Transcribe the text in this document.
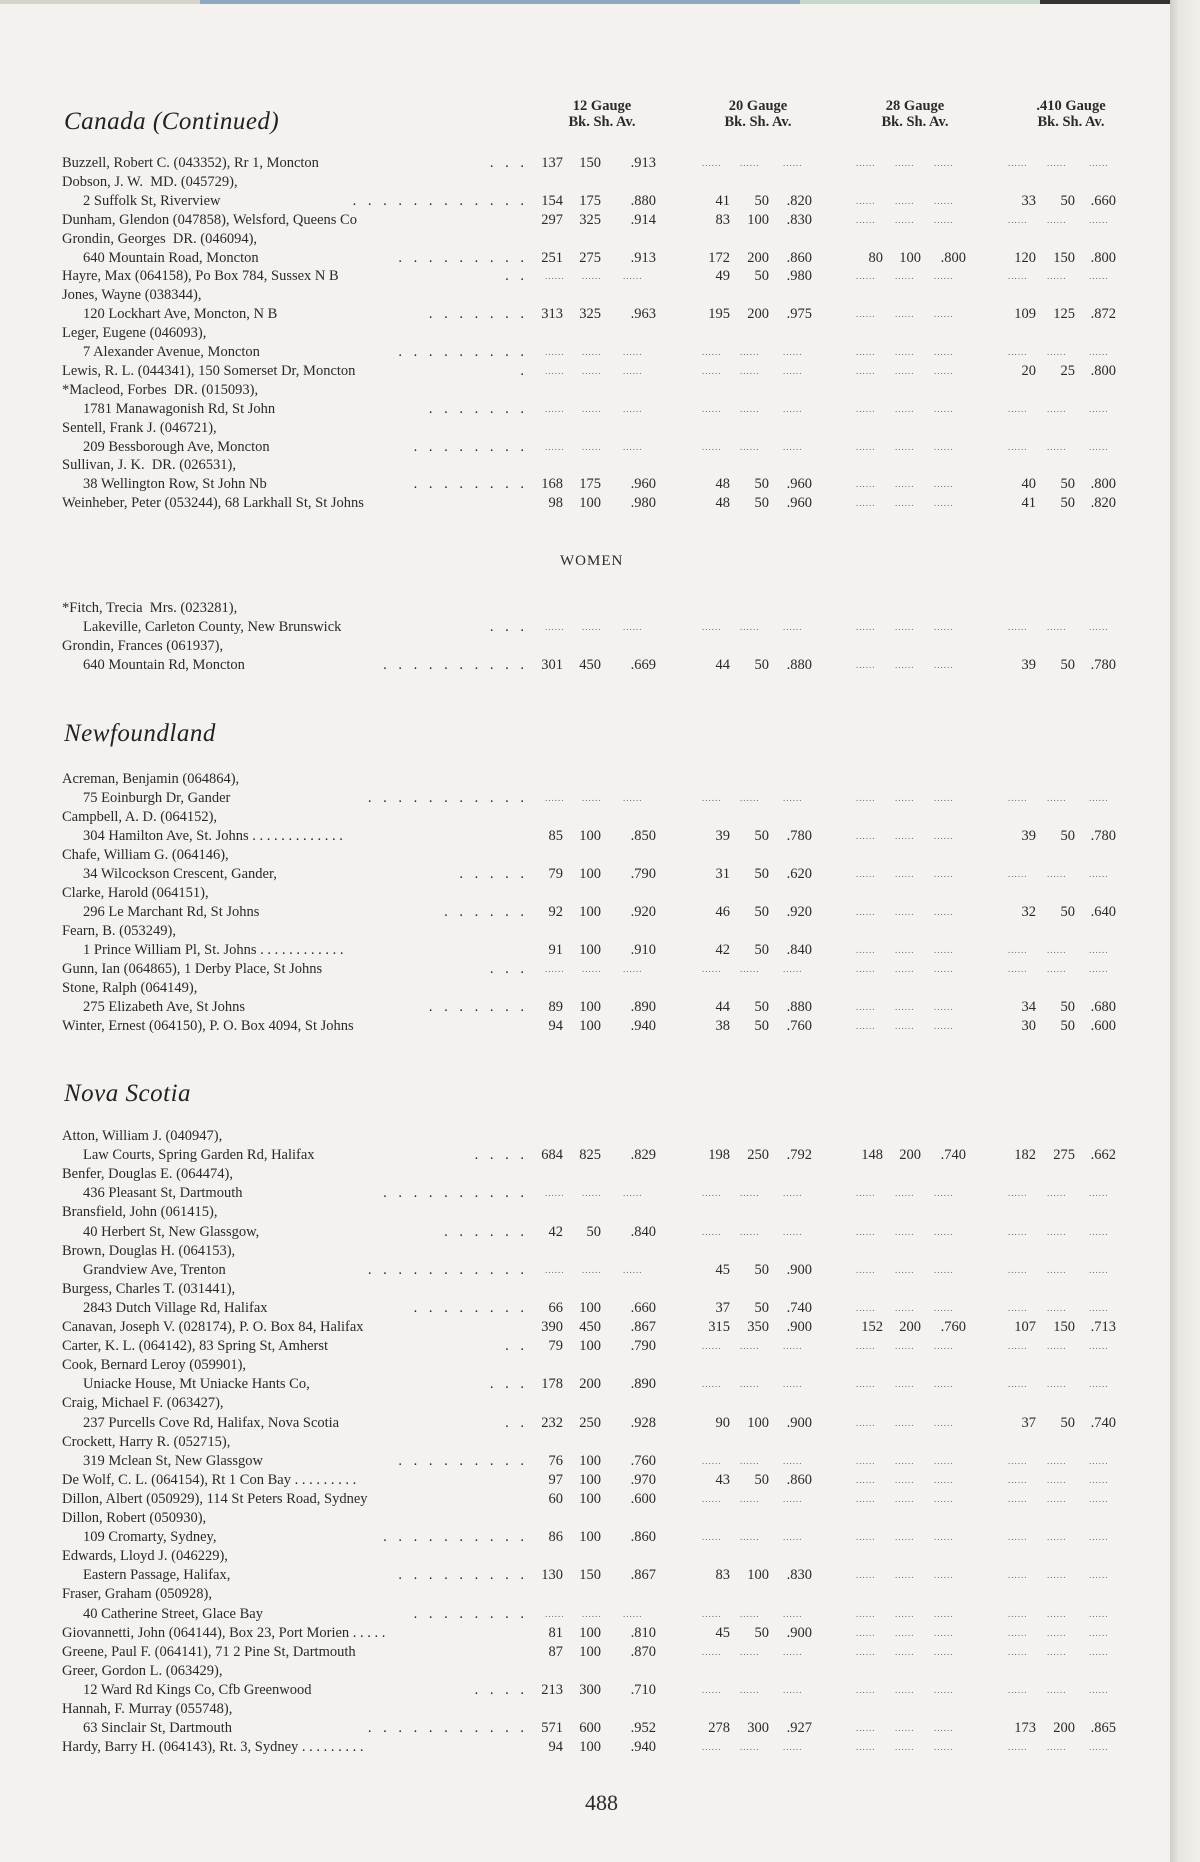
Canada (Continued)
Newfoundland
Nova Scotia
12 Gauge
Bk. Sh. Av.
20 Gauge
Bk. Sh. Av.
28 Gauge
Bk. Sh. Av.
.410 Gauge
Bk. Sh. Av.
WOMEN
Buzzell, Robert C. (043352), Rr 1, Moncton	. . . 137	150	.913	...... ......	......	...... ...... ......	...... ......	......
Dobson, J. W.  MD. (045729),
2 Suffolk St, Riverview	. . . . . . . . . . . . 154	175	.880	41	50	.820	...... ...... ......	33	50	.660
Dunham, Glendon (047858), Welsford, Queens Co	297	325	.914	83	100	.830	...... ...... ......	...... ......	......
Grondin, Georges  DR. (046094),
640 Mountain Road, Moncton	. . . . . . . . . 251	275	.913	172	200	.860	80	100	.800	120	150	.800
Hayre, Max (064158), Po Box 784, Sussex N B	. . ...... ...... ......	49	50	.980	...... ...... ......	...... ......	......
Jones, Wayne (038344),
120 Lockhart Ave, Moncton, N B	. . . . . . . 313	325	.963	195	200	.975	...... ...... ......	109	125	.872
Leger, Eugene (046093),
7 Alexander Avenue, Moncton	. . . . . . . . . ...... ...... ......	...... ......	......	...... ...... ......	...... ......	......
Lewis, R. L. (044341), 150 Somerset Dr, Moncton	. ...... ...... ......	...... ......	......	...... ...... ......	20	25	.800
*Macleod, Forbes  DR. (015093),
1781 Manawagonish Rd, St John	. . . . . . . ...... ...... ......	...... ......	......	...... ...... ......	...... ......	......
Sentell, Frank J. (046721),
209 Bessborough Ave, Moncton	. . . . . . . . ...... ...... ......	...... ......	......	...... ...... ......	...... ......	......
Sullivan, J. K.  DR. (026531),
38 Wellington Row, St John Nb	. . . . . . . . 168	175	.960	48	50	.960	...... ...... ......	40	50	.800
Weinheber, Peter (053244), 68 Larkhall St, St Johns	98	100	.980	48	50	.960	...... ...... ......	41	50	.820
*Fitch, Trecia  Mrs. (023281),
Lakeville, Carleton County, New Brunswick	. . . ...... ...... ......	...... ......	......	...... ...... ......	...... ......	......
Grondin, Frances (061937),
640 Mountain Rd, Moncton	. . . . . . . . . . 301	450	.669	44	50	.880	...... ...... ......	39	50	.780
Acreman, Benjamin (064864),
75 Eoinburgh Dr, Gander	. . . . . . . . . . . ...... ...... ......	...... ......	......	...... ...... ......	...... ......	......
Campbell, A. D. (064152),
304 Hamilton Ave, St. Johns . . . . . . . . . . . . .	85	100	.850	39	50	.780	...... ...... ......	39	50	.780
Chafe, William G. (064146),
34 Wilcockson Crescent, Gander,	. . . . .	79	100	.790	31	50	.620	...... ...... ......	...... ......	......
Clarke, Harold (064151),
296 Le Marchant Rd, St Johns	. . . . . .	92	100	.920	46	50	.920	...... ...... ......	32	50	.640
Fearn, B. (053249),
1 Prince William Pl, St. Johns . . . . . . . . . . . .	91	100	.910	42	50	.840	...... ...... ......	...... ......	......
Gunn, Ian (064865), 1 Derby Place, St Johns	. . . ...... ...... ......	...... ......	......	...... ...... ......	...... ......	......
Stone, Ralph (064149),
275 Elizabeth Ave, St Johns	. . . . . . .	89	100	.890	44	50	.880	...... ...... ......	34	50	.680
Winter, Ernest (064150), P. O. Box 4094, St Johns	94	100	.940	38	50	.760	...... ...... ......	30	50	.600
Atton, William J. (040947),
Law Courts, Spring Garden Rd, Halifax	. . . . 684	825	.829	198	250	.792	148	200	.740	182	275	.662
Benfer, Douglas E. (064474),
436 Pleasant St, Dartmouth	. . . . . . . . . . ...... ...... ......	...... ......	......	...... ...... ......	...... ......	......
Bransfield, John (061415),
40 Herbert St, New Glassgow,	. . . . . .	42	50	.840	...... ......	......	...... ...... ......	...... ......	......
Brown, Douglas H. (064153),
Grandview Ave, Trenton	. . . . . . . . . . . ...... ...... ......	45	50	.900	...... ...... ......	...... ......	......
Burgess, Charles T. (031441),
2843 Dutch Village Rd, Halifax	. . . . . . . .	66	100	.660	37	50	.740	...... ...... ......	...... ......	......
Canavan, Joseph V. (028174), P. O. Box 84, Halifax	390	450	.867	315	350	.900	152	200	.760	107	150	.713
Carter, K. L. (064142), 83 Spring St, Amherst	. .	79	100	.790	...... ......	......	...... ...... ......	...... ......	......
Cook, Bernard Leroy (059901),
Uniacke House, Mt Uniacke Hants Co,	. . . 178	200	.890	...... ......	......	...... ...... ......	...... ......	......
Craig, Michael F. (063427),
237 Purcells Cove Rd, Halifax, Nova Scotia	. . 232	250	.928	90	100	.900	...... ...... ......	37	50	.740
Crockett, Harry R. (052715),
319 Mclean St, New Glassgow	. . . . . . . . .	76	100	.760	...... ......	......	...... ...... ......	...... ......	......
De Wolf, C. L. (064154), Rt 1 Con Bay . . . . . . . . .	97	100	.970	43	50	.860	...... ...... ......	...... ......	......
Dillon, Albert (050929), 114 St Peters Road, Sydney	60	100	.600	...... ......	......	...... ...... ......	...... ......	......
Dillon, Robert (050930),
109 Cromarty, Sydney,	. . . . . . . . . .	86	100	.860	...... ......	......	...... ...... ......	...... ......	......
Edwards, Lloyd J. (046229),
Eastern Passage, Halifax,	. . . . . . . . . 130	150	.867	83	100	.830	...... ...... ......	...... ......	......
Fraser, Graham (050928),
40 Catherine Street, Glace Bay	. . . . . . . . ...... ...... ......	...... ......	......	...... ...... ......	...... ......	......
Giovannetti, John (064144), Box 23, Port Morien . . . . .	81	100	.810	45	50	.900	...... ...... ......	...... ......	......
Greene, Paul F. (064141), 71 2 Pine St, Dartmouth	87	100	.870	...... ......	......	...... ...... ......	...... ......	......
Greer, Gordon L. (063429),
12 Ward Rd Kings Co, Cfb Greenwood	. . . . 213	300	.710	...... ......	......	...... ...... ......	...... ......	......
Hannah, F. Murray (055748),
63 Sinclair St, Dartmouth	. . . . . . . . . . . 571	600	.952	278	300	.927	...... ...... ......	173	200	.865
Hardy, Barry H. (064143), Rt. 3, Sydney . . . . . . . . .	94	100	.940	...... ......	......	...... ...... ......	...... ......	......
488
